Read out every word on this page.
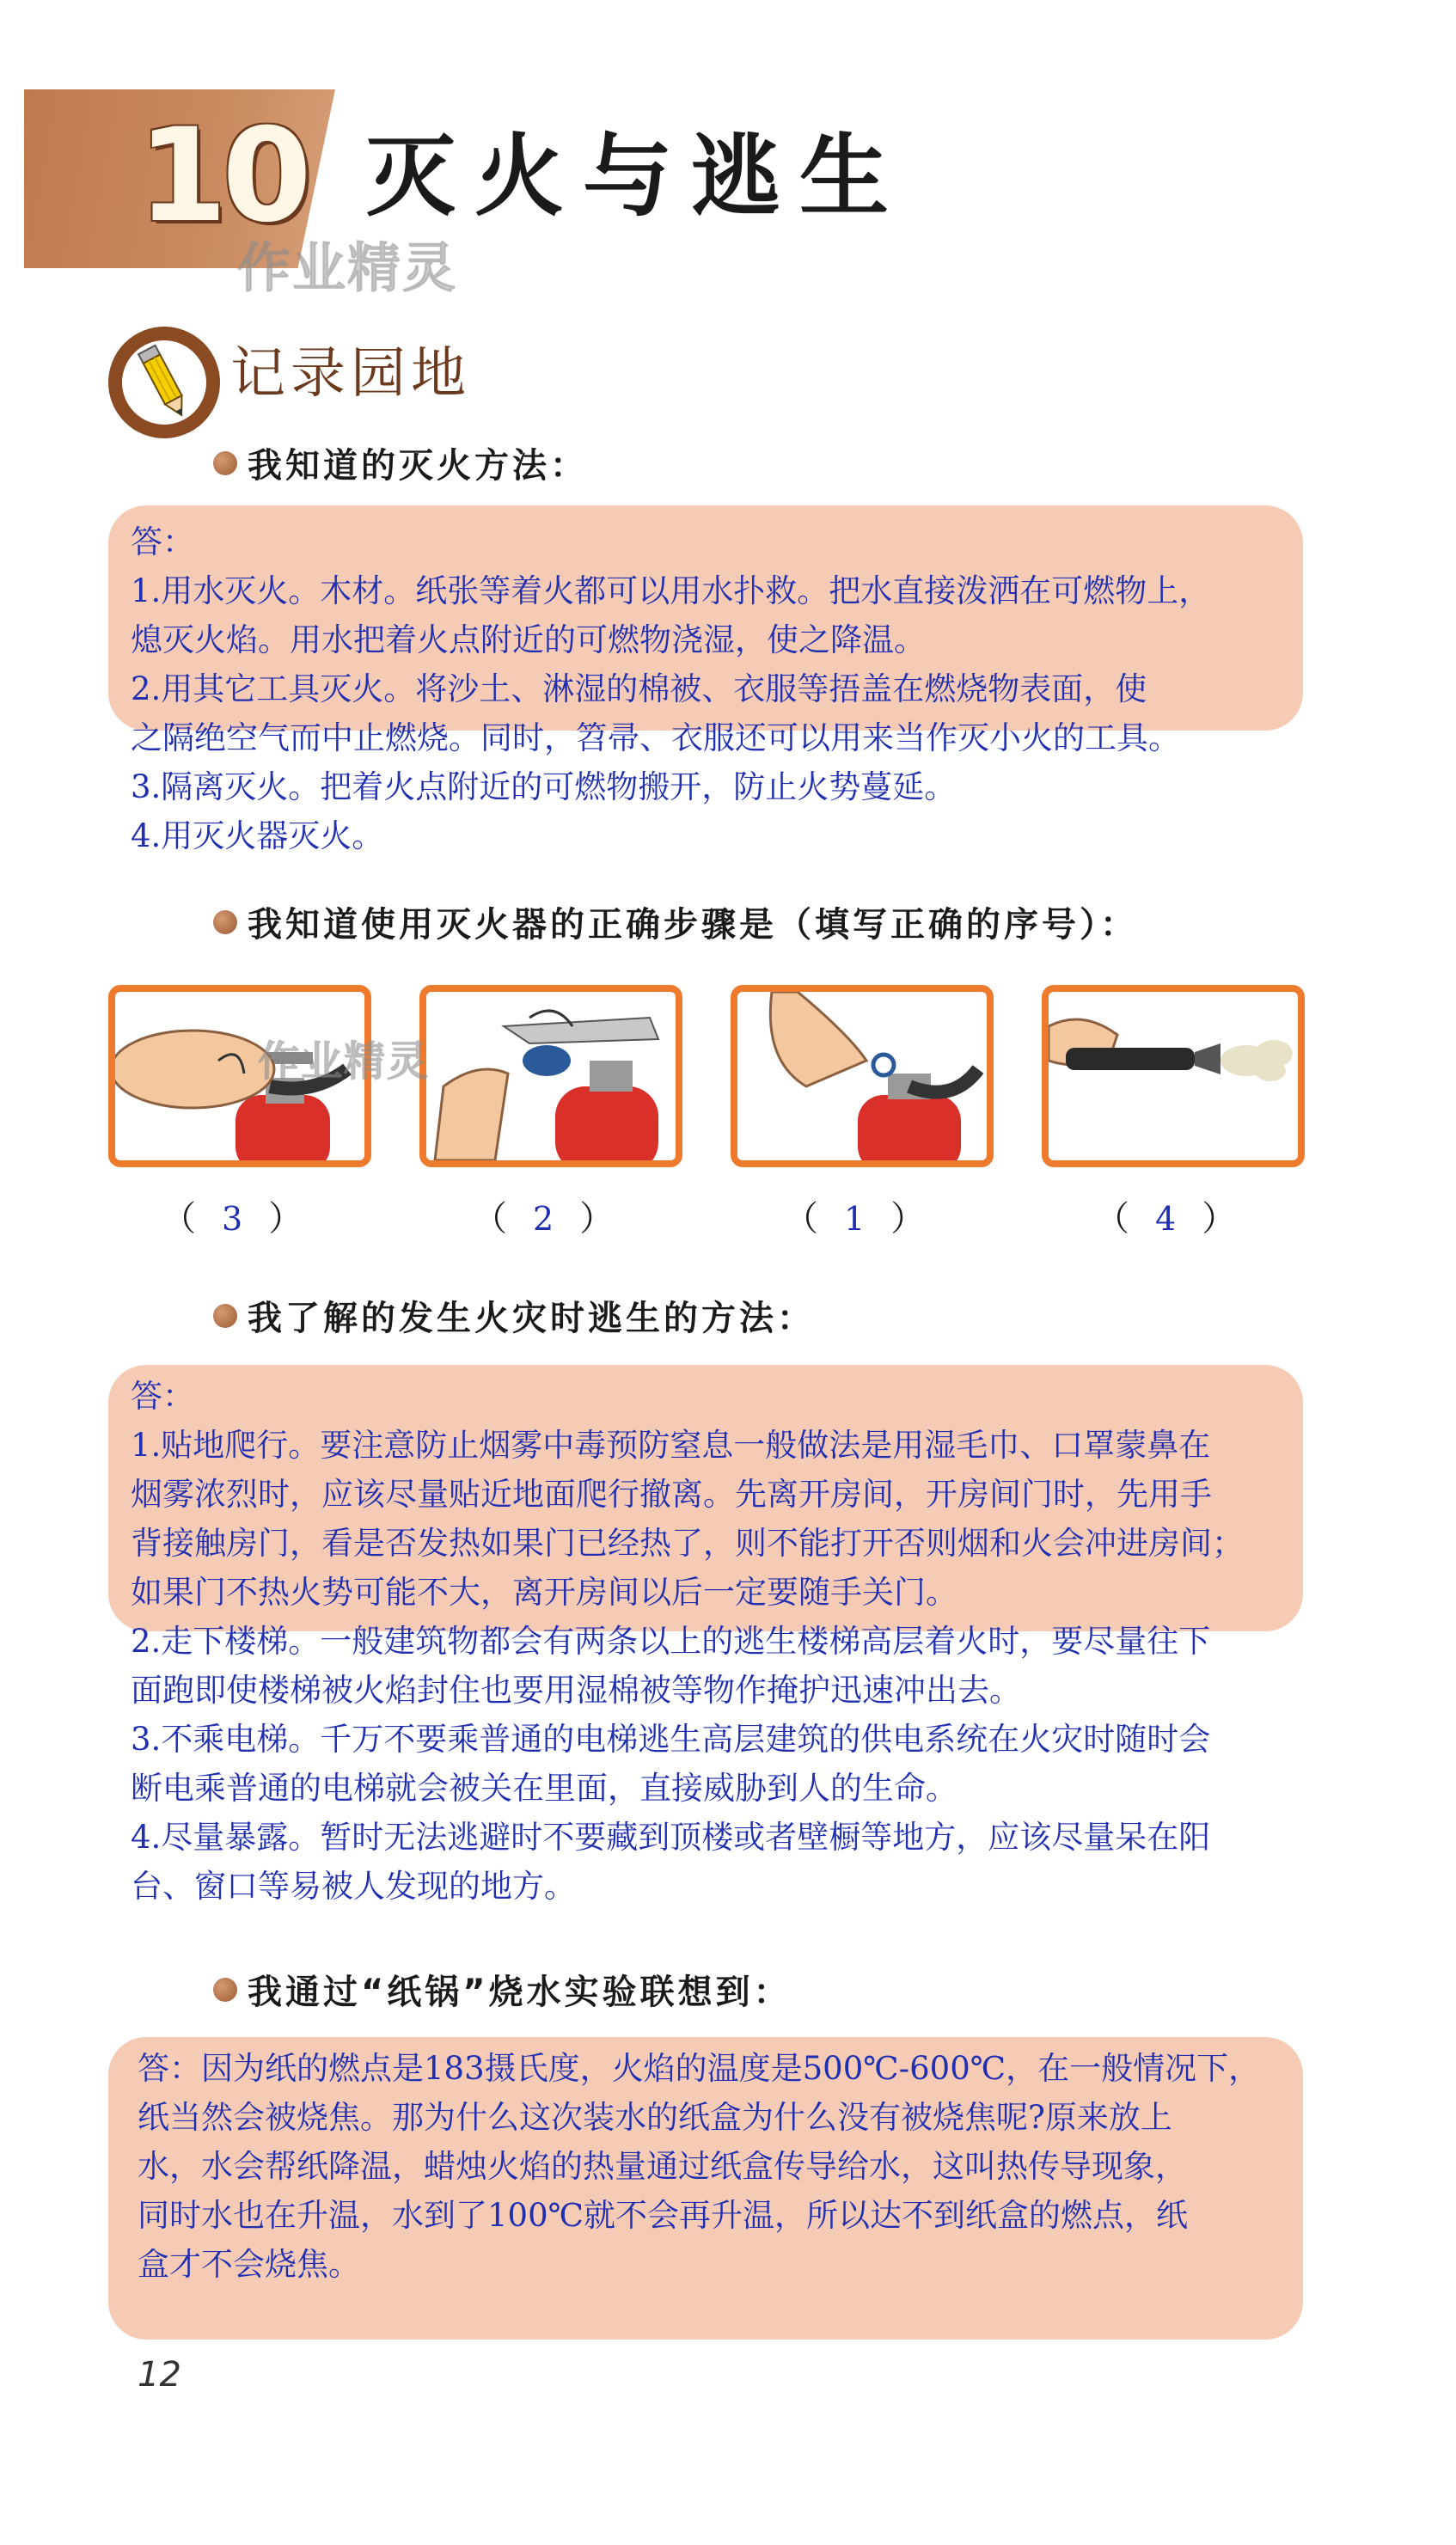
10 灭火与逃生
作业精灵
记录园地
我知道的灭火方法：
答：
1.用水灭火。木材。纸张等着火都可以用水扑救。把水直接泼洒在可燃物上，
熄灭火焰。用水把着火点附近的可燃物浇湿，使之降温。
2.用其它工具灭火。将沙土、淋湿的棉被、衣服等捂盖在燃烧物表面，使
之隔绝空气而中止燃烧。同时，笤帚、衣服还可以用来当作灭小火的工具。
3.隔离灭火。把着火点附近的可燃物搬开，防止火势蔓延。
4.用灭火器灭火。
我知道使用灭火器的正确步骤是（填写正确的序号）：
作业精灵
（ 3 ）	（ 2 ）	（ 1 ）	（ 4 ）
我了解的发生火灾时逃生的方法：
答：
1.贴地爬行。要注意防止烟雾中毒预防窒息一般做法是用湿毛巾、口罩蒙鼻在
烟雾浓烈时，应该尽量贴近地面爬行撤离。先离开房间，开房间门时，先用手
背接触房门，看是否发热如果门已经热了，则不能打开否则烟和火会冲进房间；
如果门不热火势可能不大，离开房间以后一定要随手关门。
2.走下楼梯。一般建筑物都会有两条以上的逃生楼梯高层着火时，要尽量往下
面跑即使楼梯被火焰封住也要用湿棉被等物作掩护迅速冲出去。
3.不乘电梯。千万不要乘普通的电梯逃生高层建筑的供电系统在火灾时随时会
断电乘普通的电梯就会被关在里面，直接威胁到人的生命。
4.尽量暴露。暂时无法逃避时不要藏到顶楼或者壁橱等地方，应该尽量呆在阳
台、窗口等易被人发现的地方。
我通过“纸锅”烧水实验联想到：
答：因为纸的燃点是183摄氏度，火焰的温度是500℃-600℃，在一般情况下，
纸当然会被烧焦。那为什么这次装水的纸盒为什么没有被烧焦呢?原来放上
水，水会帮纸降温，蜡烛火焰的热量通过纸盒传导给水，这叫热传导现象，
同时水也在升温，水到了100℃就不会再升温，所以达不到纸盒的燃点，纸
盒才不会烧焦。
12
